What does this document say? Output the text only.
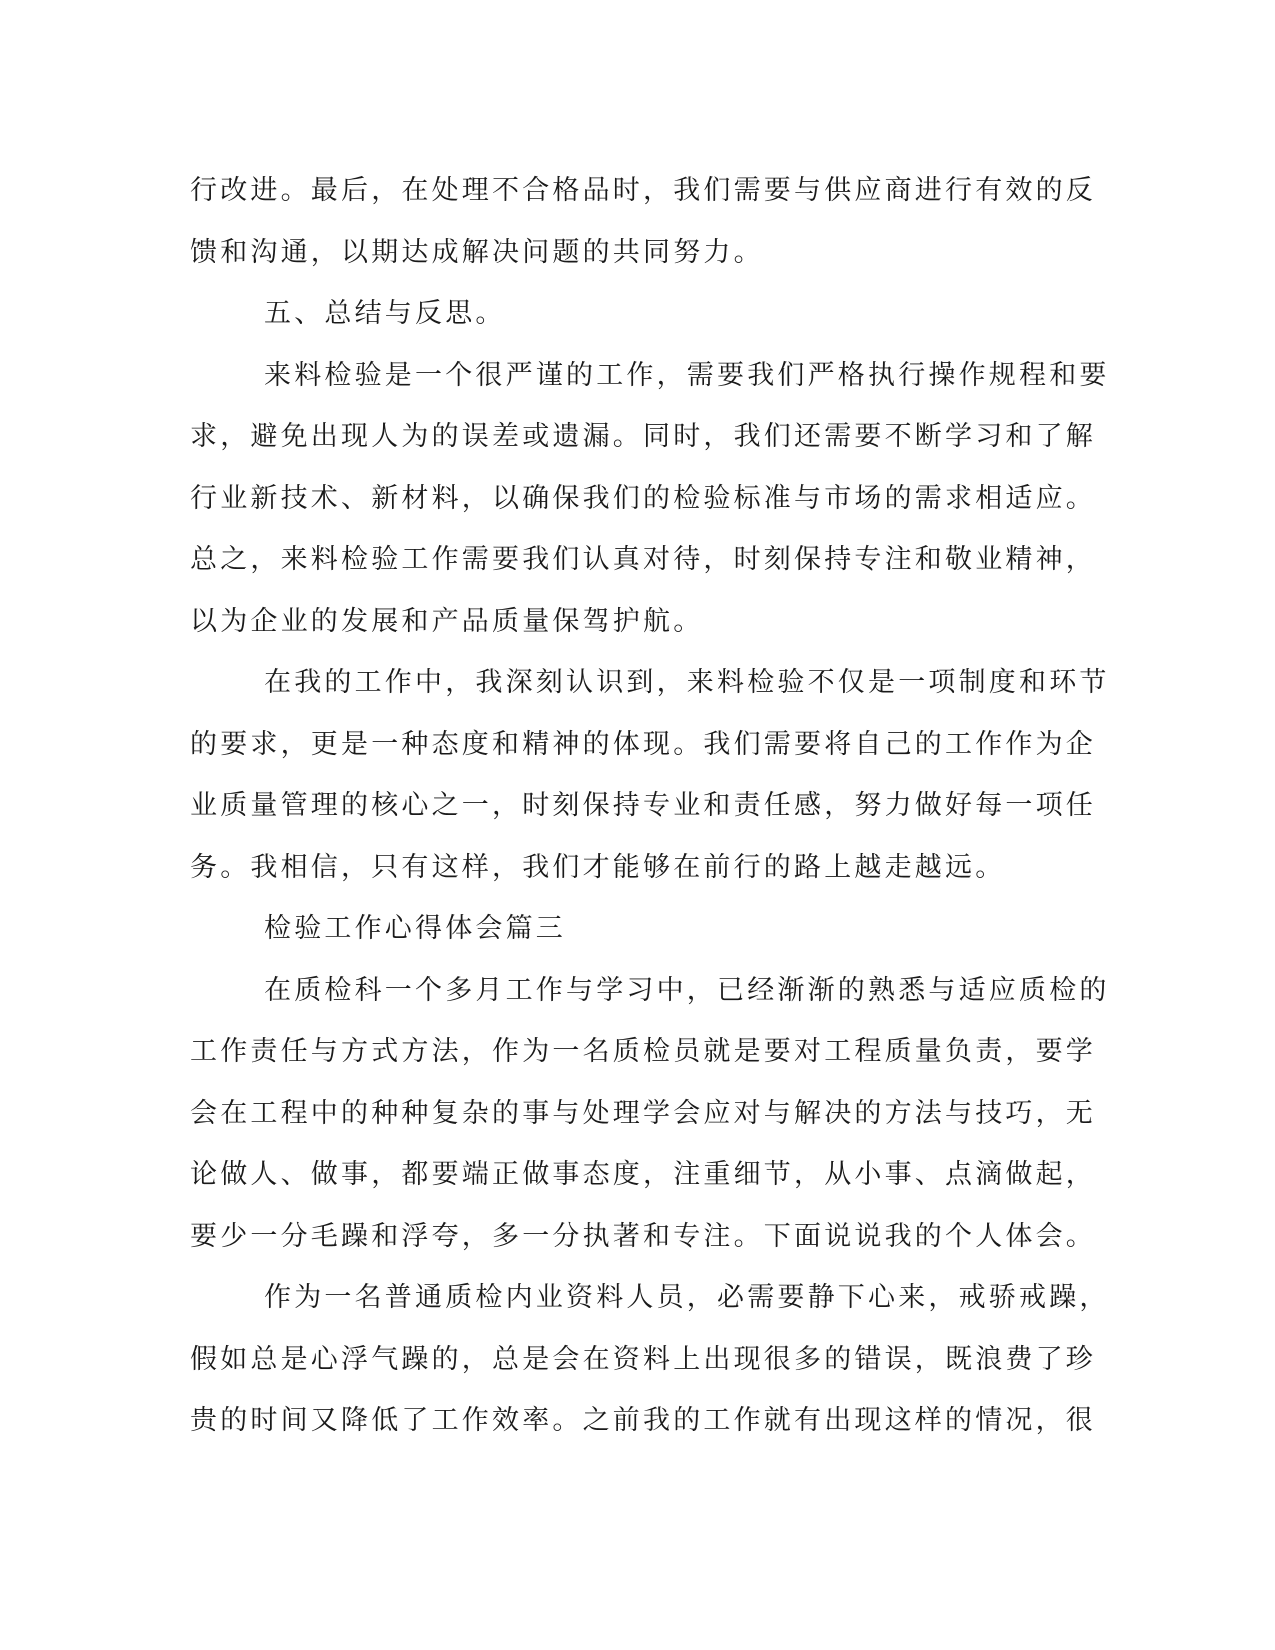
行改进。最后，在处理不合格品时，我们需要与供应商进行有效的反
馈和沟通，以期达成解决问题的共同努力。
五、总结与反思。
来料检验是一个很严谨的工作，需要我们严格执行操作规程和要
求，避免出现人为的误差或遗漏。同时，我们还需要不断学习和了解
行业新技术、新材料，以确保我们的检验标准与市场的需求相适应。
总之，来料检验工作需要我们认真对待，时刻保持专注和敬业精神，
以为企业的发展和产品质量保驾护航。
在我的工作中，我深刻认识到，来料检验不仅是一项制度和环节
的要求，更是一种态度和精神的体现。我们需要将自己的工作作为企
业质量管理的核心之一，时刻保持专业和责任感，努力做好每一项任
务。我相信，只有这样，我们才能够在前行的路上越走越远。
检验工作心得体会篇三
在质检科一个多月工作与学习中，已经渐渐的熟悉与适应质检的
工作责任与方式方法，作为一名质检员就是要对工程质量负责，要学
会在工程中的种种复杂的事与处理学会应对与解决的方法与技巧，无
论做人、做事，都要端正做事态度，注重细节，从小事、点滴做起，
要少一分毛躁和浮夸，多一分执著和专注。下面说说我的个人体会。
作为一名普通质检内业资料人员，必需要静下心来，戒骄戒躁，
假如总是心浮气躁的，总是会在资料上出现很多的错误，既浪费了珍
贵的时间又降低了工作效率。之前我的工作就有出现这样的情况，很
